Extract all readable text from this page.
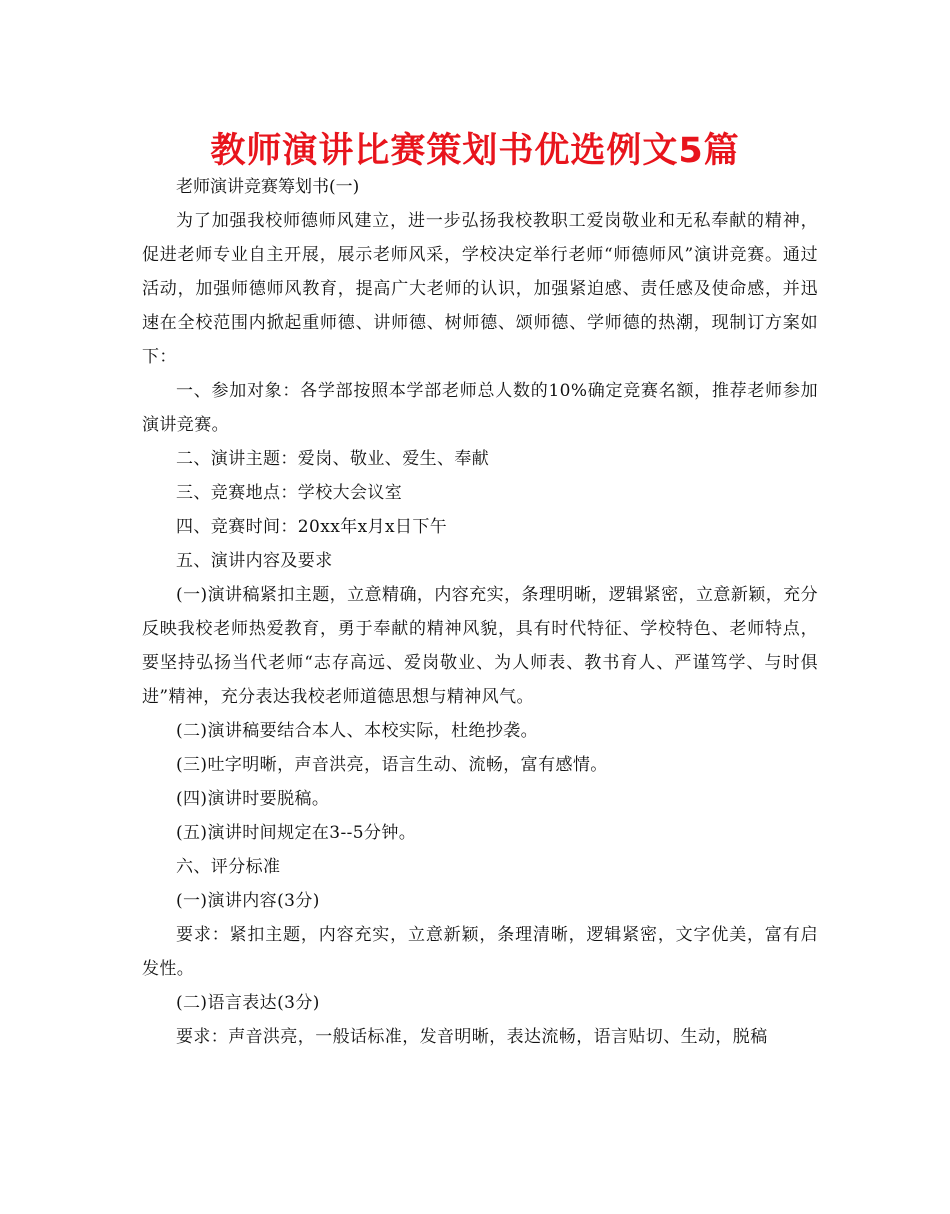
教师演讲比赛策划书优选例文5篇

老师演讲竞赛筹划书(一)

为了加强我校师德师风建立，进一步弘扬我校教职工爱岗敬业和无私奉献的精神，促进老师专业自主开展，展示老师风采，学校决定举行老师“师德师风”演讲竞赛。通过活动，加强师德师风教育，提高广大老师的认识，加强紧迫感、责任感及使命感，并迅速在全校范围内掀起重师德、讲师德、树师德、颂师德、学师德的热潮，现制订方案如下：

一、参加对象：各学部按照本学部老师总人数的10%确定竞赛名额，推荐老师参加演讲竞赛。

二、演讲主题：爱岗、敬业、爱生、奉献

三、竞赛地点：学校大会议室

四、竞赛时间：20xx年x月x日下午

五、演讲内容及要求

(一)演讲稿紧扣主题，立意精确，内容充实，条理明晰，逻辑紧密，立意新颖，充分反映我校老师热爱教育，勇于奉献的精神风貌，具有时代特征、学校特色、老师特点，要坚持弘扬当代老师“志存高远、爱岗敬业、为人师表、教书育人、严谨笃学、与时俱进”精神，充分表达我校老师道德思想与精神风气。

(二)演讲稿要结合本人、本校实际，杜绝抄袭。

(三)吐字明晰，声音洪亮，语言生动、流畅，富有感情。

(四)演讲时要脱稿。

(五)演讲时间规定在3--5分钟。

六、评分标准

(一)演讲内容(3分)

要求：紧扣主题，内容充实，立意新颖，条理清晰，逻辑紧密，文字优美，富有启发性。

(二)语言表达(3分)

要求：声音洪亮，一般话标准，发音明晰，表达流畅，语言贴切、生动，脱稿
